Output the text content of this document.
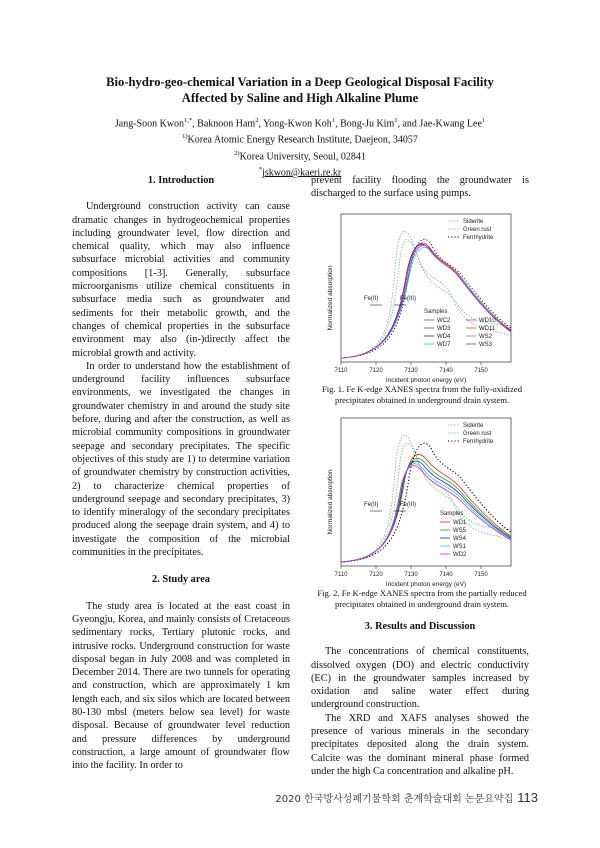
Bio-hydro-geo-chemical Variation in a Deep Geological Disposal Facility
Affected by Saline and High Alkaline Plume
Jang-Soon Kwon$^{1,*}$, Baknoon Ham$^2$, Yong-Kwon Koh$^1$, Bong-Ju Kim$^1$, and Jae-Kwang Lee$^1$
$^{1)}$Korea Atomic Energy Research Institute, Daejeon, 34057
$^{2)}$Korea University, Seoul, 02841
*jskwon@kaeri.re.kr
1. Introduction

Underground construction activity can cause dramatic changes in hydrogeochemical properties including groundwater level, flow direction and chemical quality, which may also influence subsurface microbial activities and community compositions [1-3]. Generally, subsurface microorganisms utilize chemical constituents in subsurface media such as groundwater and sediments for their metabolic growth, and the changes of chemical properties in the subsurface environment may also (in-)directly affect the microbial growth and activity.

In order to understand how the establishment of underground facility influences subsurface environments, we investigated the changes in groundwater chemistry in and around the study site before, during and after the construction, as well as microbial community compositions in groundwater seepage and secondary precipitates. The specific objectives of this study are 1) to determine variation of groundwater chemistry by construction activities, 2) to characterize chemical properties of underground seepage and secondary precipitates, 3) to identify mineralogy of the secondary precipitates produced along the seepage drain system, and 4) to investigate the composition of the microbial communities in the precipitates.

2. Study area

The study area is located at the east coast in Gyeongju, Korea, and mainly consists of Cretaceous sedimentary rocks, Tertiary plutonic rocks, and intrusive rocks. Underground construction for waste disposal began in July 2008 and was completed in December 2014. There are two tunnels for operating and construction, which are approximately 1 km length each, and six silos which are located between 80-130 mbsl (meters below sea level) for waste disposal. Because of groundwater level reduction and pressure differences by underground construction, a large amount of groundwater flow into the facility. In order to

prevent facility flooding the groundwater is discharged to the surface using pumps.

7110	7120	7130	7140	7150
Incident photon energy (eV)
Normalized absorption	Fe(II)	Fe(III)
Siderite
Green rust
Ferrihydrite
Samples
WC2
WD3
WD4
WD7
WD10
WD11
WS2
WS3
Fig. 1. Fe K-edge XANES spectra from the fully-oxidized precipitates obtained in underground drain system.
7110	7120	7130	7140	7150
Incident photon energy (eV)
Normalized absorption	Fe(II)	Fe(III)
Siderite
Green rust
Ferrihydrite
Samples
WD1
WS5
WS4
WS1
WD2
Fig. 2. Fe K-edge XANES spectra from the partially reduced precipitates obtained in underground drain system.
3. Results and Discussion

The concentrations of chemical constituents, dissolved oxygen (DO) and electric conductivity (EC) in the groundwater samples increased by oxidation and saline water effect during underground construction.

The XRD and XAFS analyses showed the presence of various minerals in the secondary precipitates deposited along the drain system. Calcite was the dominant mineral phase formed under the high Ca concentration and alkaline pH.

2020 한국방사성폐기물학회 춘계학술대회 논문요약집 113
